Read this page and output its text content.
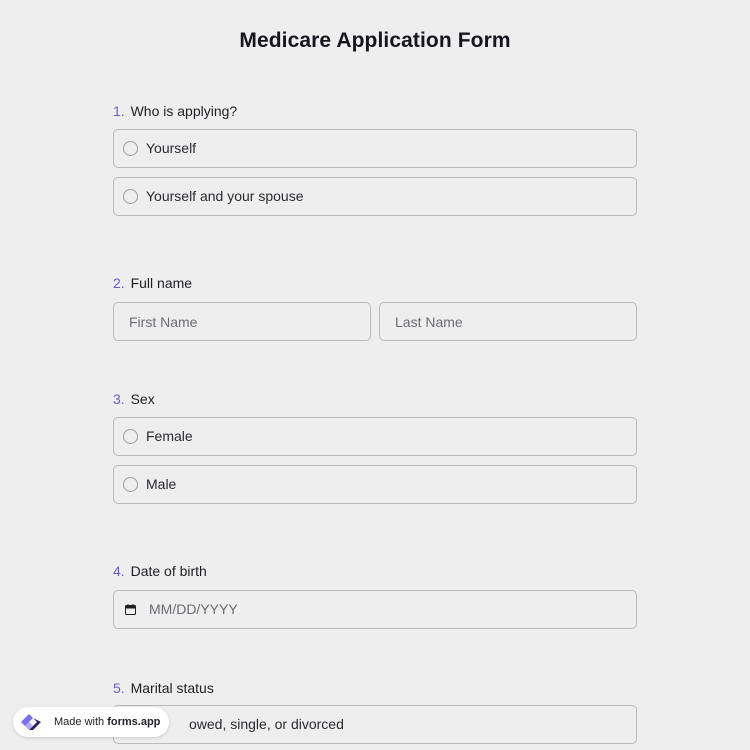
Medicare Application Form
1. Who is applying?
Yourself
Yourself and your spouse
2. Full name
First Name
Last Name
3. Sex
Female
Male
4. Date of birth
MM/DD/YYYY
5. Marital status
owed, single, or divorced
Made with forms.app
